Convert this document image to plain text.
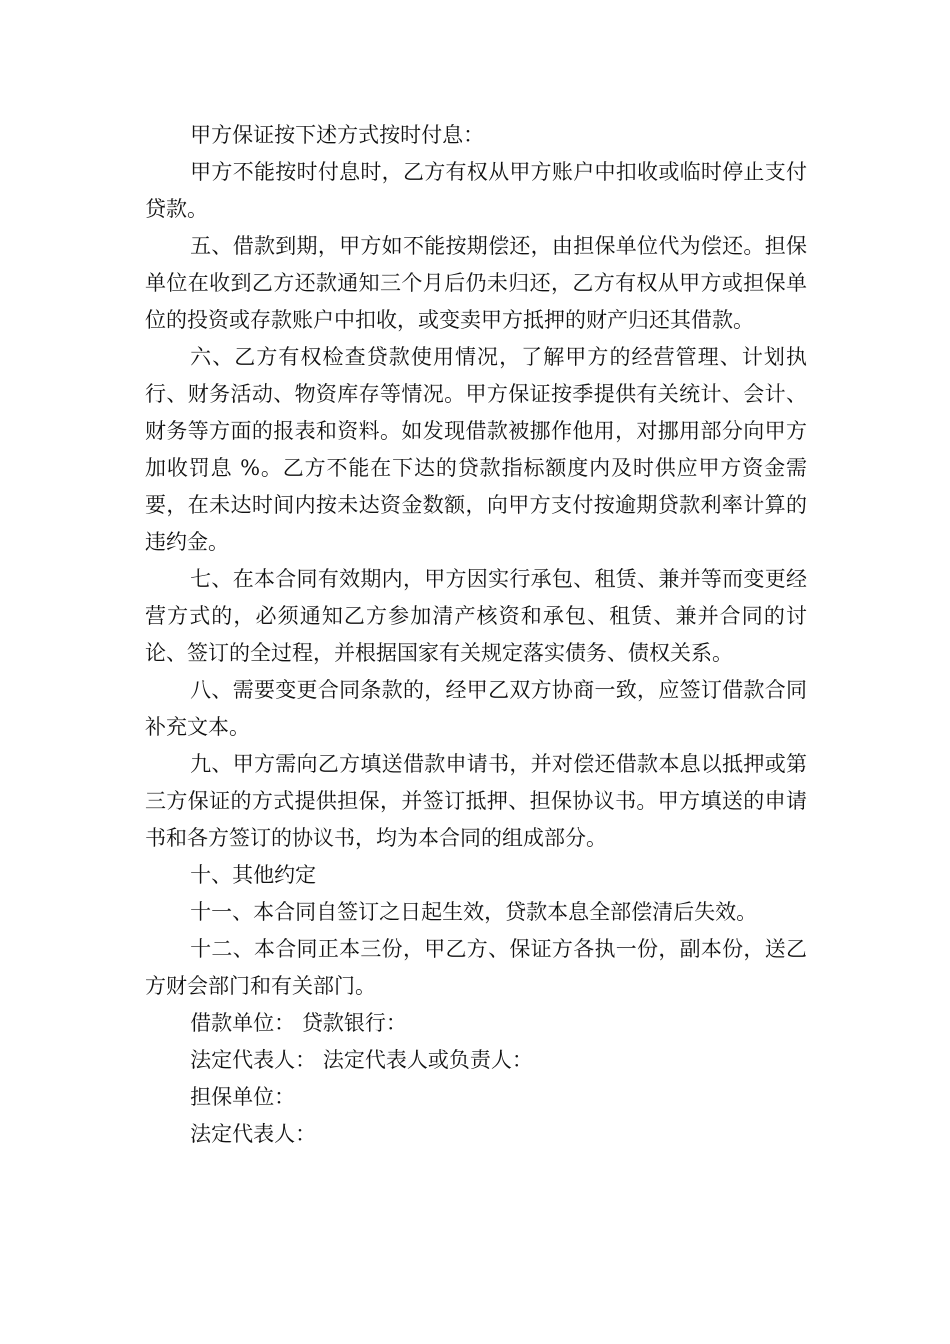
甲方保证按下述方式按时付息：

甲方不能按时付息时，乙方有权从甲方账户中扣收或临时停止支付贷款。

五、借款到期，甲方如不能按期偿还，由担保单位代为偿还。担保单位在收到乙方还款通知三个月后仍未归还，乙方有权从甲方或担保单位的投资或存款账户中扣收，或变卖甲方抵押的财产归还其借款。

六、乙方有权检查贷款使用情况，了解甲方的经营管理、计划执行、财务活动、物资库存等情况。甲方保证按季提供有关统计、会计、财务等方面的报表和资料。如发现借款被挪作他用，对挪用部分向甲方加收罚息 %。乙方不能在下达的贷款指标额度内及时供应甲方资金需要，在未达时间内按未达资金数额，向甲方支付按逾期贷款利率计算的违约金。

七、在本合同有效期内，甲方因实行承包、租赁、兼并等而变更经营方式的，必须通知乙方参加清产核资和承包、租赁、兼并合同的讨论、签订的全过程，并根据国家有关规定落实债务、债权关系。

八、需要变更合同条款的，经甲乙双方协商一致，应签订借款合同补充文本。

九、甲方需向乙方填送借款申请书，并对偿还借款本息以抵押或第三方保证的方式提供担保，并签订抵押、担保协议书。甲方填送的申请书和各方签订的协议书，均为本合同的组成部分。

十、其他约定

十一、本合同自签订之日起生效，贷款本息全部偿清后失效。

十二、本合同正本三份，甲乙方、保证方各执一份，副本份，送乙方财会部门和有关部门。

借款单位： 贷款银行：

法定代表人： 法定代表人或负责人：

担保单位：

法定代表人：
